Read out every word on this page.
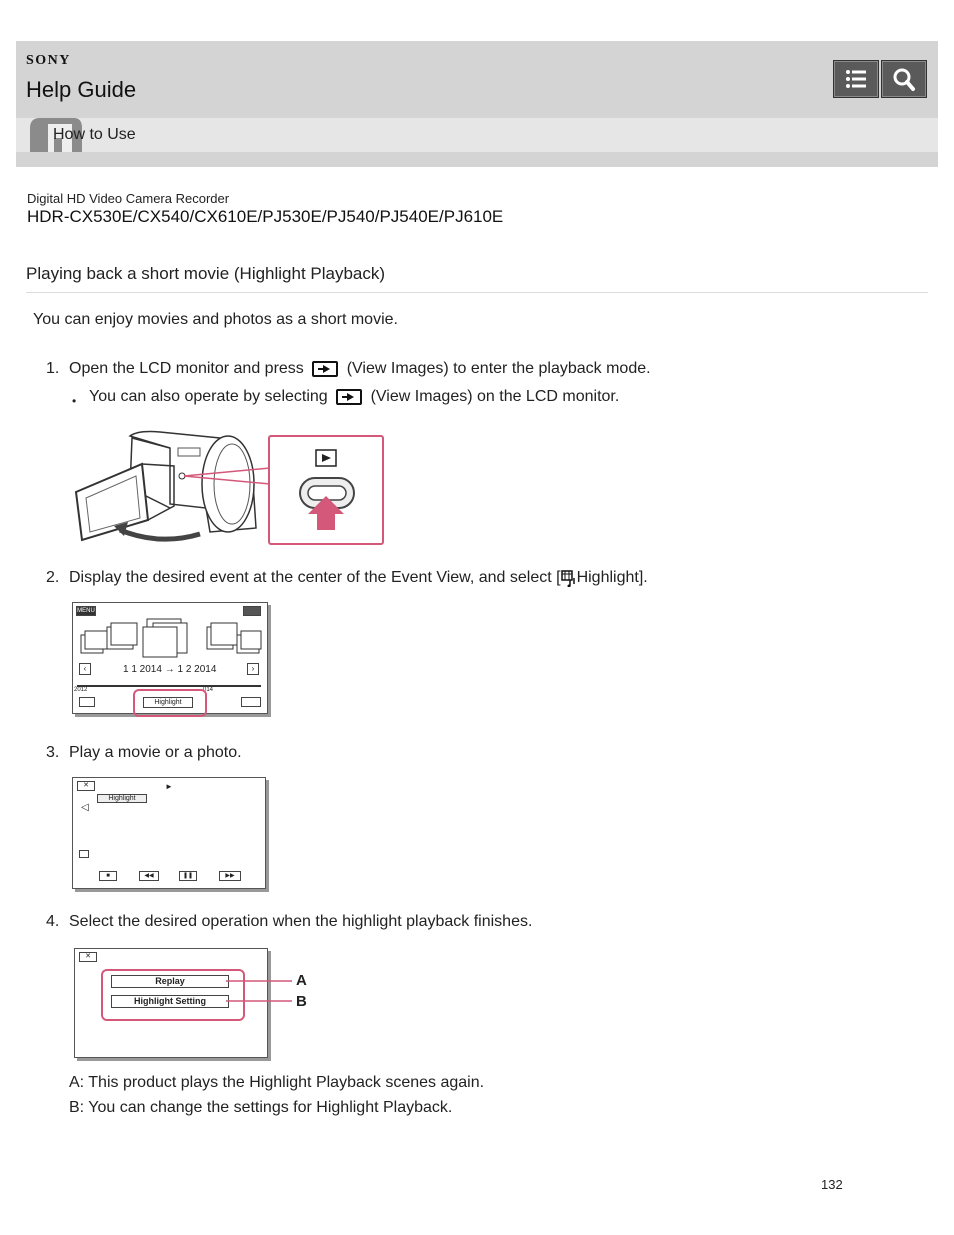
SONY
Help Guide
How to Use
Digital HD Video Camera Recorder
HDR-CX530E/CX540/CX610E/PJ530E/PJ540/PJ540E/PJ610E
Playing back a short movie (Highlight Playback)
You can enjoy movies and photos as a short movie.
1. Open the LCD monitor and press	(View Images) to enter the playback mode.
• You can also operate by selecting	(View Images) on the LCD monitor.
2. Display the desired event at the center of the Event View, and select [ Highlight].
MENU
‹	1 1 2014 → 1 2 2014	›
2012	014
Highlight
3. Play a movie or a photo.
✕	►
Highlight
◁
■	◀◀	❚❚	▶▶
4. Select the desired operation when the highlight playback finishes.
✕
Replay
Highlight Setting
A
B
A: This product plays the Highlight Playback scenes again.
B: You can change the settings for Highlight Playback.
132
